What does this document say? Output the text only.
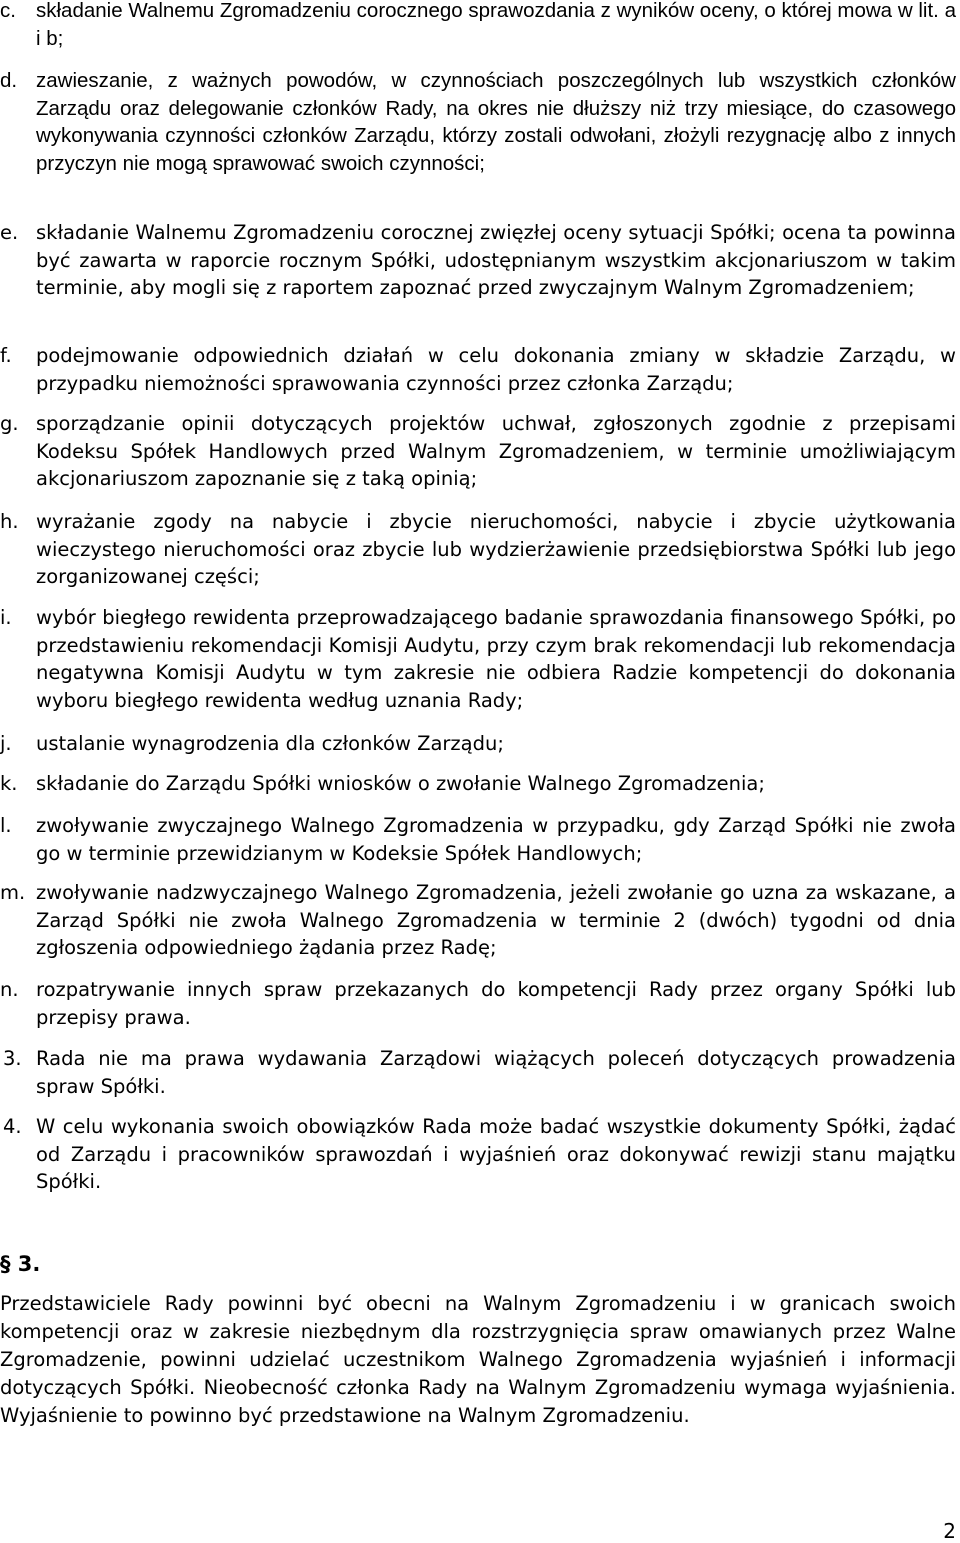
c. składanie Walnemu Zgromadzeniu corocznego sprawozdania z wyników oceny, o której mowa w lit. a i b;
d. zawieszanie, z ważnych powodów, w czynnościach poszczególnych lub wszystkich członków Zarządu oraz delegowanie członków Rady, na okres nie dłuższy niż trzy miesiące, do czasowego wykonywania czynności członków Zarządu, którzy zostali odwołani, złożyli rezygnację albo z innych przyczyn nie mogą sprawować swoich czynności;
e. składanie Walnemu Zgromadzeniu corocznej zwięzłej oceny sytuacji Spółki; ocena ta powinna być zawarta w raporcie rocznym Spółki, udostępnianym wszystkim akcjonariuszom w takim terminie, aby mogli się z raportem zapoznać przed zwyczajnym Walnym Zgromadzeniem;
f. podejmowanie odpowiednich działań w celu dokonania zmiany w składzie Zarządu, w przypadku niemożności sprawowania czynności przez członka Zarządu;
g. sporządzanie opinii dotyczących projektów uchwał, zgłoszonych zgodnie z przepisami Kodeksu Spółek Handlowych przed Walnym Zgromadzeniem, w terminie umożliwiającym akcjonariuszom zapoznanie się z taką opinią;
h. wyrażanie zgody na nabycie i zbycie nieruchomości, nabycie i zbycie użytkowania wieczystego nieruchomości oraz zbycie lub wydzierżawienie przedsiębiorstwa Spółki lub jego zorganizowanej części;
i. wybór biegłego rewidenta przeprowadzającego badanie sprawozdania finansowego Spółki, po przedstawieniu rekomendacji Komisji Audytu, przy czym brak rekomendacji lub rekomendacja negatywna Komisji Audytu w tym zakresie nie odbiera Radzie kompetencji do dokonania wyboru biegłego rewidenta według uznania Rady;
j. ustalanie wynagrodzenia dla członków Zarządu;
k. składanie do Zarządu Spółki wniosków o zwołanie Walnego Zgromadzenia;
l. zwoływanie zwyczajnego Walnego Zgromadzenia w przypadku, gdy Zarząd Spółki nie zwoła go w terminie przewidzianym w Kodeksie Spółek Handlowych;
m. zwoływanie nadzwyczajnego Walnego Zgromadzenia, jeżeli zwołanie go uzna za wskazane, a Zarząd Spółki nie zwoła Walnego Zgromadzenia w terminie 2 (dwóch) tygodni od dnia zgłoszenia odpowiedniego żądania przez Radę;
n. rozpatrywanie innych spraw przekazanych do kompetencji Rady przez organy Spółki lub przepisy prawa.
3. Rada nie ma prawa wydawania Zarządowi wiążących poleceń dotyczących prowadzenia spraw Spółki.
4. W celu wykonania swoich obowiązków Rada może badać wszystkie dokumenty Spółki, żądać od Zarządu i pracowników sprawozdań i wyjaśnień oraz dokonywać rewizji stanu majątku Spółki.
§ 3.
Przedstawiciele Rady powinni być obecni na Walnym Zgromadzeniu i w granicach swoich kompetencji oraz w zakresie niezbędnym dla rozstrzygnięcia spraw omawianych przez Walne Zgromadzenie, powinni udzielać uczestnikom Walnego Zgromadzenia wyjaśnień i informacji dotyczących Spółki. Nieobecność członka Rady na Walnym Zgromadzeniu wymaga wyjaśnienia. Wyjaśnienie to powinno być przedstawione na Walnym Zgromadzeniu.
2
